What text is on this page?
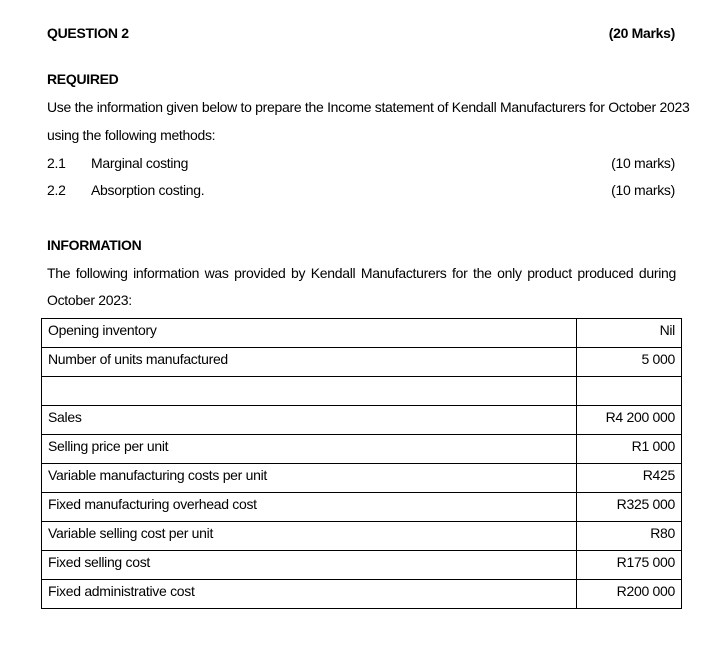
QUESTION 2	(20 Marks)
REQUIRED
Use the information given below to prepare the Income statement of Kendall Manufacturers for October 2023
using the following methods:
2.1 Marginal costing	(10 marks)
2.2 Absorption costing.	(10 marks)
INFORMATION
The following information was provided by Kendall Manufacturers for the only product produced during
October 2023:
Opening inventory	Nil
Number of units manufactured	5 000

Sales	R4 200 000
Selling price per unit	R1 000
Variable manufacturing costs per unit	R425
Fixed manufacturing overhead cost	R325 000
Variable selling cost per unit	R80
Fixed selling cost	R175 000
Fixed administrative cost	R200 000
